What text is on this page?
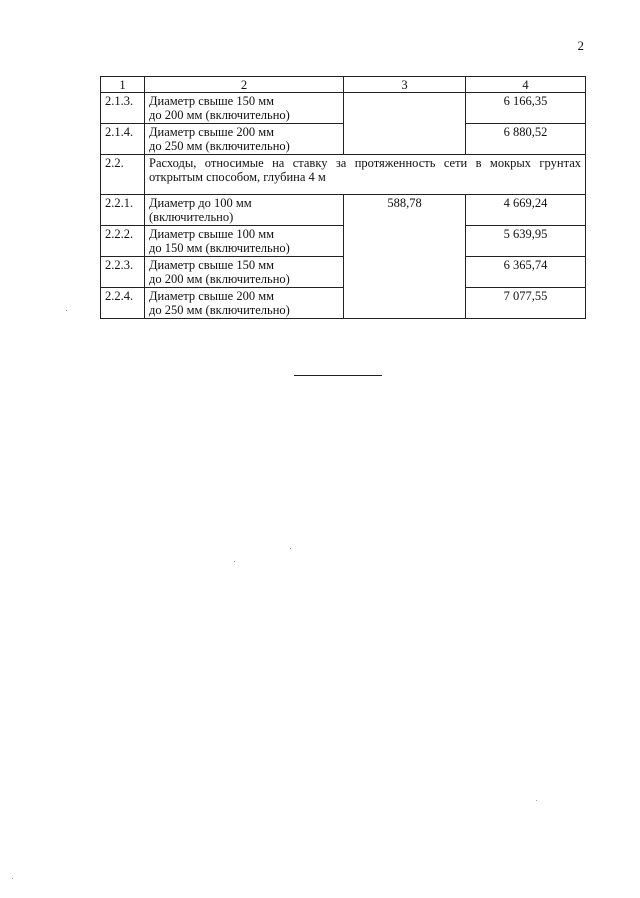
2
1	2	3	4
2.1.3.	Диаметр свыше 150 мм
до 200 мм (включительно)		6 166,35
2.1.4.	Диаметр свыше 200 мм
до 250 мм (включительно)		6 880,52
2.2.	Расходы, относимые на ставку за протяженность сети в мокрых грунтах открытым способом, глубина 4 м		
2.2.1.	Диаметр до 100 мм
(включительно)	588,78	4 669,24
2.2.2.	Диаметр свыше 100 мм
до 150 мм (включительно)		5 639,95
2.2.3.	Диаметр свыше 150 мм
до 200 мм (включительно)		6 365,74
2.2.4.	Диаметр свыше 200 мм
до 250 мм (включительно)		7 077,55
